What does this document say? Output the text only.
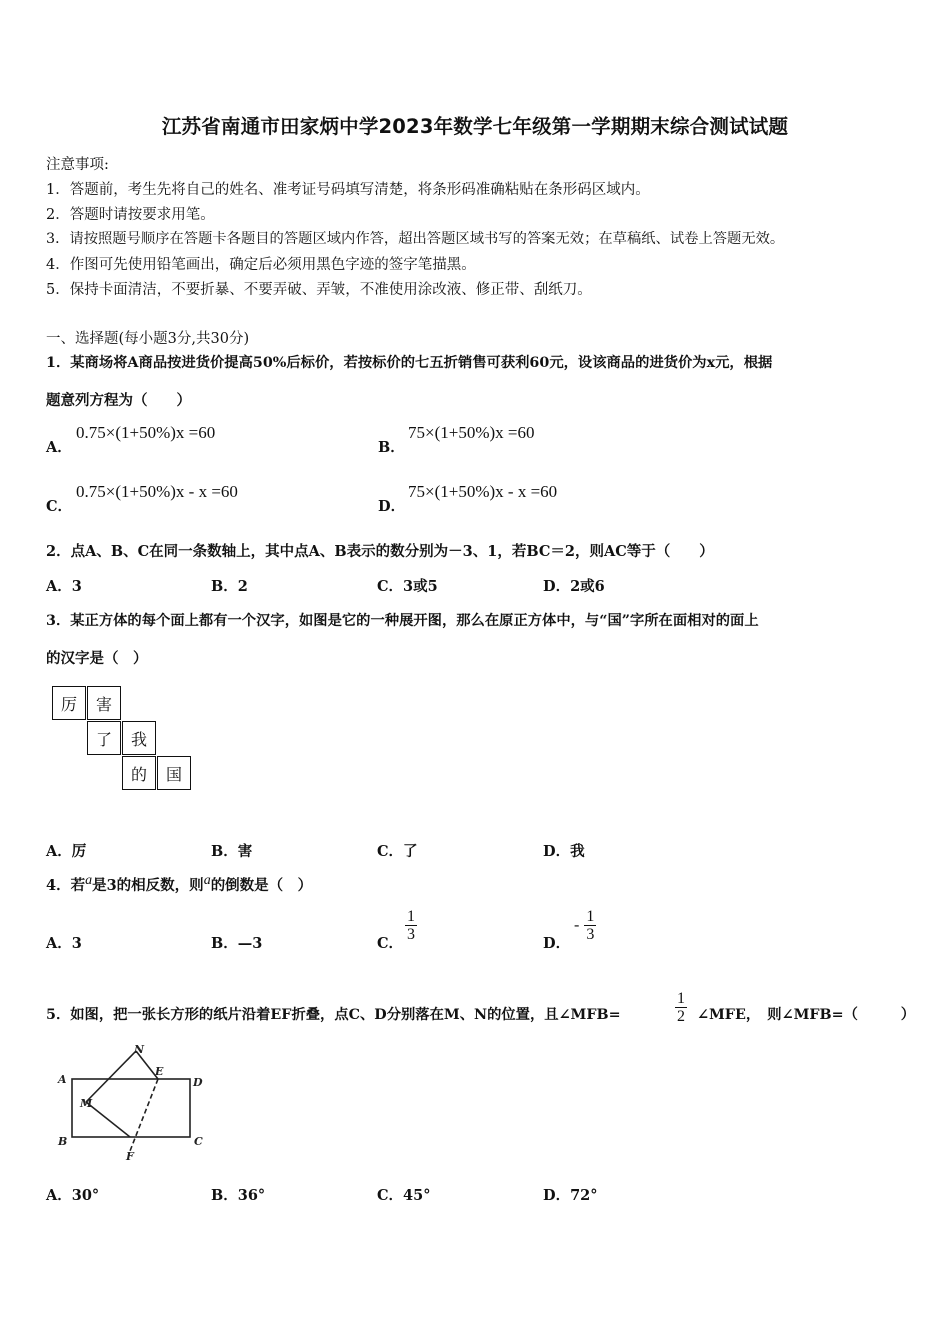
江苏省南通市田家炳中学2023年数学七年级第一学期期末综合测试试题
注意事项:
1．答题前，考生先将自己的姓名、准考证号码填写清楚，将条形码准确粘贴在条形码区域内。
2．答题时请按要求用笔。
3．请按照题号顺序在答题卡各题目的答题区域内作答，超出答题区域书写的答案无效；在草稿纸、试卷上答题无效。
4．作图可先使用铅笔画出，确定后必须用黑色字迹的签字笔描黑。
5．保持卡面清洁，不要折暴、不要弄破、弄皱，不准使用涂改液、修正带、刮纸刀。
一、选择题(每小题3分,共30分)
1．某商场将A商品按进货价提高50%后标价，若按标价的七五折销售可获利60元，设该商品的进货价为x元，根据
题意列方程为（　　）
A．
0.75×(1+50%)x =60
B．
75×(1+50%)x =60
C．
0.75×(1+50%)x - x =60
D．
75×(1+50%)x - x =60
2．点A、B、C在同一条数轴上，其中点A、B表示的数分别为－3、1，若BC＝2，则AC等于（　　）
A．3	B．2	C．3或5	D．2或6
3．某正方体的每个面上都有一个汉字，如图是它的一种展开图，那么在原正方体中，与“国”字所在面相对的面上
的汉字是（　）
厉	害
了	我
的	国
A．厉	B．害	C．了	D．我
4．若$^a$是3的相反数，则$^a$的倒数是（　）
A．3	B．—3	C．
$\frac{1}{3}$
D．
- $\frac{1}{3}$
5．如图，把一张长方形的纸片沿着EF折叠，点C、D分别落在M、N的位置，且∠MFB=	$\frac{1}{2}$ ∠MFE，　则∠MFB=（　　　）
A
B	C
D
E
F
M
N
A．30°	B．36°	C．45°	D．72°
